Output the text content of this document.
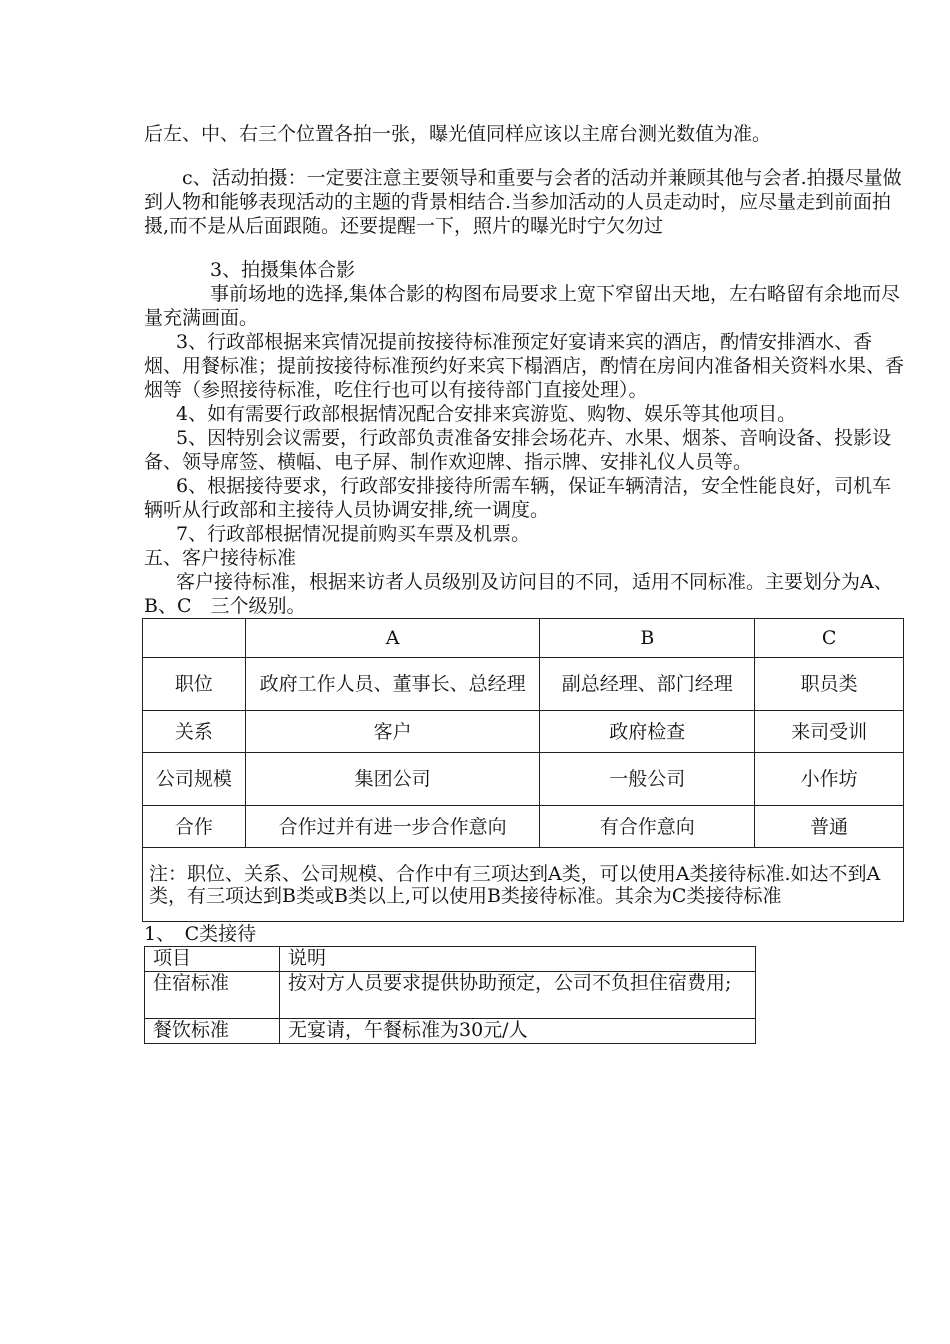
后左、中、右三个位置各拍一张，曝光值同样应该以主席台测光数值为准。

c、活动拍摄：一定要注意主要领导和重要与会者的活动并兼顾其他与会者.拍摄尽量做到人物和能够表现活动的主题的背景相结合.当参加活动的人员走动时，应尽量走到前面拍摄,而不是从后面跟随。还要提醒一下，照片的曝光时宁欠勿过

3、拍摄集体合影

事前场地的选择,集体合影的构图布局要求上宽下窄留出天地，左右略留有余地而尽量充满画面。

3、行政部根据来宾情况提前按接待标准预定好宴请来宾的酒店，酌情安排酒水、香烟、用餐标准；提前按接待标准预约好来宾下榻酒店，酌情在房间内准备相关资料水果、香烟等（参照接待标准，吃住行也可以有接待部门直接处理）。

4、如有需要行政部根据情况配合安排来宾游览、购物、娱乐等其他项目。

5、因特别会议需要，行政部负责准备安排会场花卉、水果、烟茶、音响设备、投影设备、领导席签、横幅、电子屏、制作欢迎牌、指示牌、安排礼仪人员等。

6、根据接待要求，行政部安排接待所需车辆，保证车辆清洁，安全性能良好，司机车辆听从行政部和主接待人员协调安排,统一调度。

7、行政部根据情况提前购买车票及机票。

五、客户接待标准

客户接待标准，根据来访者人员级别及访问目的不同，适用不同标准。主要划分为A、B、C　三个级别。

	A	B	C
职位	政府工作人员、董事长、总经理	副总经理、部门经理	职员类
关系	客户	政府检查	来司受训
公司规模	集团公司	一般公司	小作坊
合作	合作过并有进一步合作意向	有合作意向	普通
注：职位、关系、公司规模、合作中有三项达到A类，可以使用A类接待标准.如达不到A类，有三项达到B类或B类以上,可以使用B类接待标准。其余为C类接待标准			

1、　C类接待

项目	说明
住宿标准	按对方人员要求提供协助预定，公司不负担住宿费用;
餐饮标准	无宴请，午餐标准为30元/人
